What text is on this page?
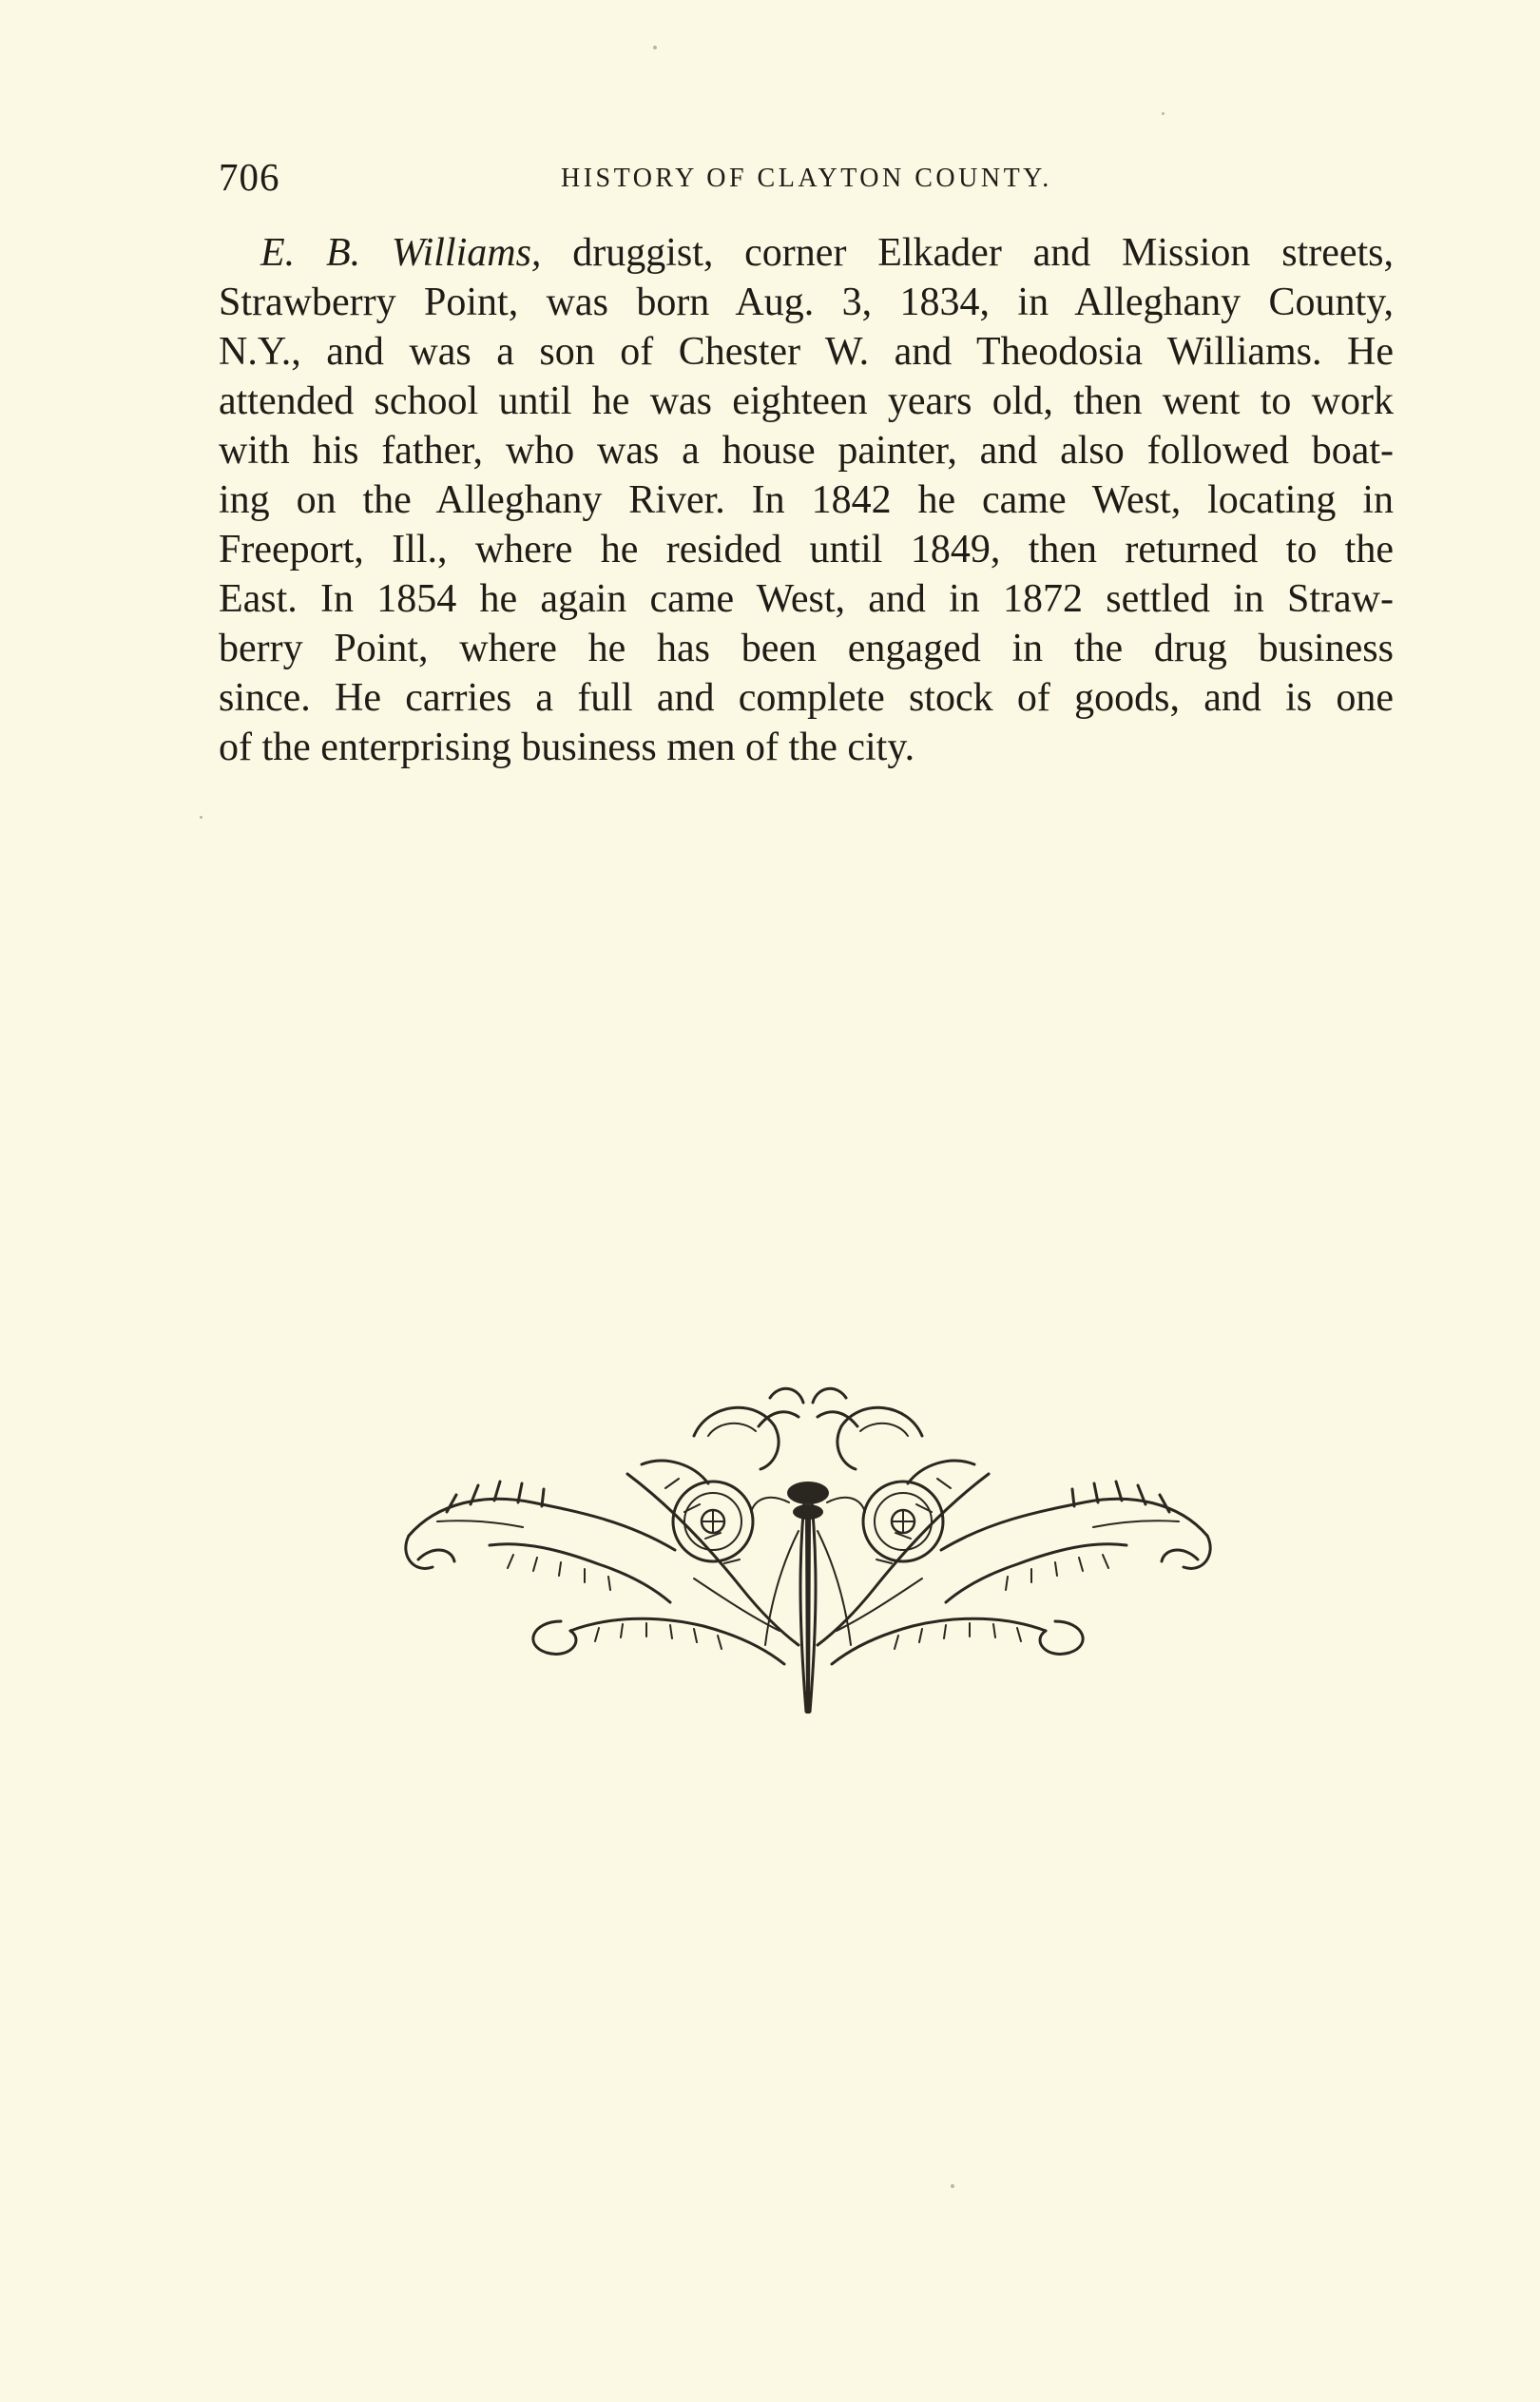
706	HISTORY OF CLAYTON COUNTY.
E. B. Williams, druggist, corner Elkader and Mission streets,
Strawberry Point, was born Aug. 3, 1834, in Alleghany County,
N.Y., and was a son of Chester W. and Theodosia Williams. He
attended school until he was eighteen years old, then went to work
with his father, who was a house painter, and also followed boat-
ing on the Alleghany River. In 1842 he came West, locating in
Freeport, Ill., where he resided until 1849, then returned to the
East. In 1854 he again came West, and in 1872 settled in Straw-
berry Point, where he has been engaged in the drug business
since. He carries a full and complete stock of goods, and is one
of the enterprising business men of the city.
